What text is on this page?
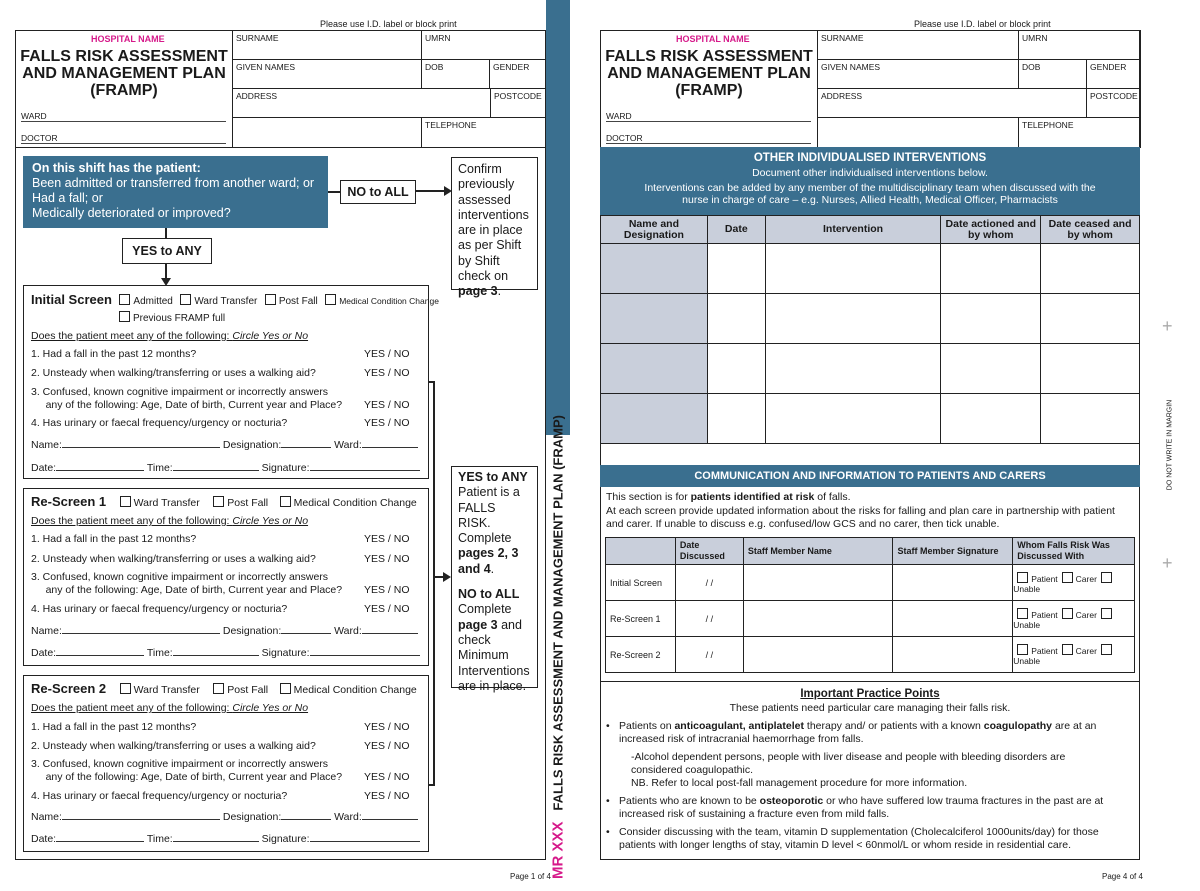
Please use I.D. label or block print
HOSPITAL NAME
FALLS RISK ASSESSMENT AND MANAGEMENT PLAN (FRAMP)
WARD
DOCTOR
SURNAME	UMRN
GIVEN NAMES	DOB	GENDER
ADDRESS	POSTCODE
TELEPHONE
On this shift has the patient:
Been admitted or transferred from another ward; or
Had a fall; or
Medically deteriorated or improved?
NO to ALL
Confirm previously assessed interventions are in place as per Shift by Shift check on page 3.
YES to ANY
Initial Screen Admitted Ward Transfer Post Fall	Medical Condition Change
Previous FRAMP full
Does the patient meet any of the following: Circle Yes or No
1. Had a fall in the past 12 months?	YES / NO
2. Unsteady when walking/transferring or uses a walking aid?	YES / NO
3. Confused, known cognitive impairment or incorrectly answers
any of the following: Age, Date of birth, Current year and Place? YES / NO
4. Has urinary or faecal frequency/urgency or nocturia?	YES / NO
Name:	Designation:	Ward:
Date:	Time:	Signature:
Re-Screen 1	Ward Transfer	Post Fall Medical Condition Change
Does the patient meet any of the following: Circle Yes or No
1. Had a fall in the past 12 months?	YES / NO
2. Unsteady when walking/transferring or uses a walking aid?	YES / NO
3. Confused, known cognitive impairment or incorrectly answers
any of the following: Age, Date of birth, Current year and Place? YES / NO
4. Has urinary or faecal frequency/urgency or nocturia?	YES / NO
Name:	Designation:	Ward:
Date:	Time:	Signature:
Re-Screen 2	Ward Transfer	Post Fall Medical Condition Change
Does the patient meet any of the following: Circle Yes or No
1. Had a fall in the past 12 months?	YES / NO
2. Unsteady when walking/transferring or uses a walking aid?	YES / NO
3. Confused, known cognitive impairment or incorrectly answers
any of the following: Age, Date of birth, Current year and Place? YES / NO
4. Has urinary or faecal frequency/urgency or nocturia?	YES / NO
Name:	Designation:	Ward:
Date:	Time:	Signature:
YES to ANY
Patient is a FALLS RISK. Complete pages 2, 3 and 4.
NO to ALL
Complete page 3 and check Minimum Interventions are in place.
MR XXX   FALLS RISK ASSESSMENT AND MANAGEMENT PLAN (FRAMP)
Page 1 of 4
Please use I.D. label or block print
HOSPITAL NAME
FALLS RISK ASSESSMENT AND MANAGEMENT PLAN (FRAMP)
WARD
DOCTOR
SURNAME	UMRN
GIVEN NAMES	DOB	GENDER
ADDRESS	POSTCODE
TELEPHONE
OTHER INDIVIDUALISED INTERVENTIONS
Document other individualised interventions below.
Interventions can be added by any member of the multidisciplinary team when discussed with the
nurse in charge of care – e.g. Nurses, Allied Health, Medical Officer, Pharmacists
Name and Designation	Date	Intervention	Date actioned and by whom	Date ceased and by whom

COMMUNICATION AND INFORMATION TO PATIENTS AND CARERS
This section is for patients identified at risk of falls.
At each screen provide updated information about the risks for falling and plan care in partnership with patient and carer. If unable to discuss e.g. confused/low GCS and no carer, then tick unable.
	Date Discussed	Staff Member Name	Staff Member Signature	Whom Falls Risk Was Discussed With
Initial Screen	/ /			Patient CarerUnable
Re-Screen 1	/ /			Patient CarerUnable
Re-Screen 2	/ /			Patient CarerUnable
Important Practice Points
These patients need particular care managing their falls risk.
• Patients on anticoagulant, antiplatelet therapy and/ or patients with a known coagulopathy are at an increased risk of intracranial haemorrhage from falls.
-Alcohol dependent persons, people with liver disease and people with bleeding disorders are considered coagulopathic.
NB. Refer to local post-fall management procedure for more information.
• Patients who are known to be osteoporotic or who have suffered low trauma fractures in the past are at increased risk of sustaining a fracture even from mild falls.
• Consider discussing with the team, vitamin D supplementation (Cholecalciferol 1000units/day) for those patients with longer lengths of stay, vitamin D level < 60nmol/L or whom reside in residential care.
Page 4 of 4
+
+
DO NOT WRITE IN MARGIN
